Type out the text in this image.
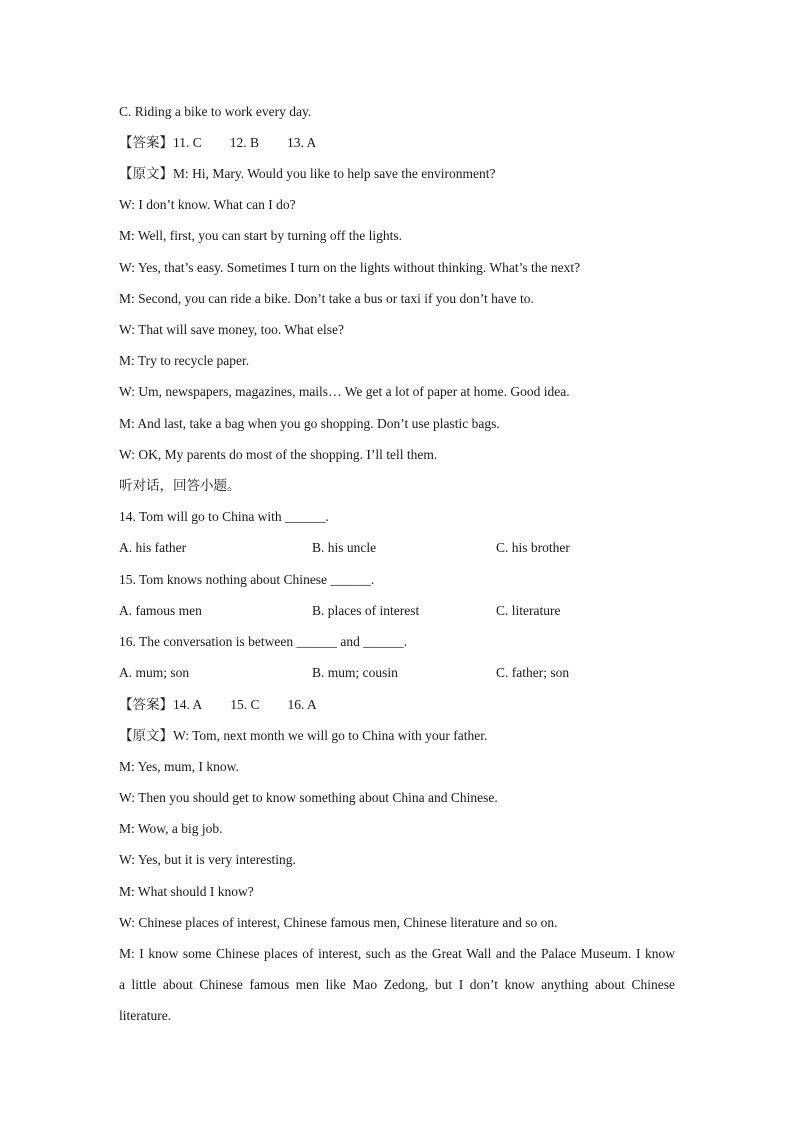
C. Riding a bike to work every day.
【答案】11. C 12. B 13. A
【原文】M: Hi, Mary. Would you like to help save the environment?
W: I don’t know. What can I do?
M: Well, first, you can start by turning off the lights.
W: Yes, that’s easy. Sometimes I turn on the lights without thinking. What’s the next?
M: Second, you can ride a bike. Don’t take a bus or taxi if you don’t have to.
W: That will save money, too. What else?
M: Try to recycle paper.
W: Um, newspapers, magazines, mails… We get a lot of paper at home. Good idea.
M: And last, take a bag when you go shopping. Don’t use plastic bags.
W: OK, My parents do most of the shopping. I’ll tell them.
听对话，回答小题。
14. Tom will go to China with ______.
A. his father	B. his uncle	C. his brother
15. Tom knows nothing about Chinese ______.
A. famous men	B. places of interest	C. literature
16. The conversation is between ______ and ______.
A. mum; son	B. mum; cousin	C. father; son
【答案】14. A 15. C 16. A
【原文】W: Tom, next month we will go to China with your father.
M: Yes, mum, I know.
W: Then you should get to know something about China and Chinese.
M: Wow, a big job.
W: Yes, but it is very interesting.
M: What should I know?
W: Chinese places of interest, Chinese famous men, Chinese literature and so on.
M: I know some Chinese places of interest, such as the Great Wall and the Palace Museum. I know
a little about Chinese famous men like Mao Zedong, but I don’t know anything about Chinese
literature.
